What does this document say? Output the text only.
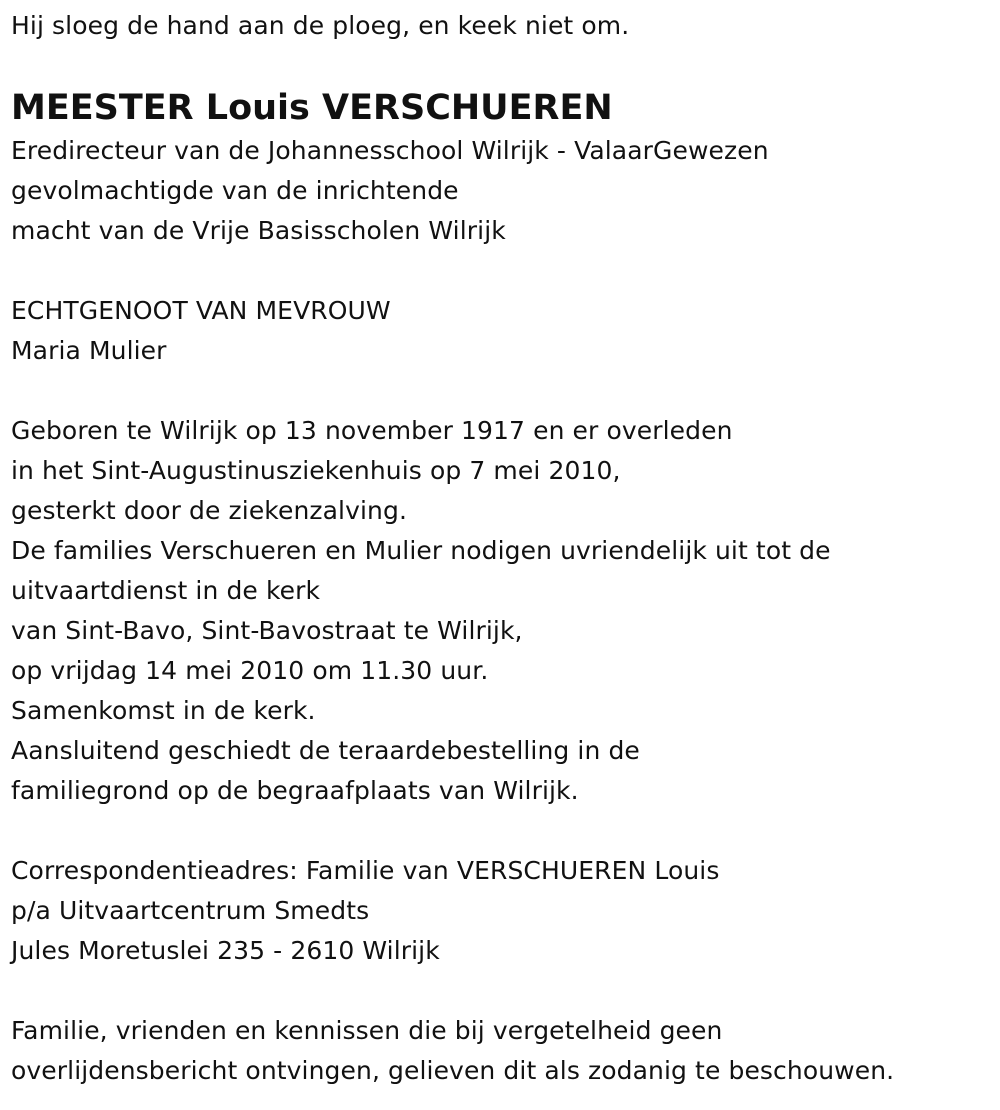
Hij sloeg de hand aan de ploeg, en keek niet om.
MEESTER Louis VERSCHUEREN
Eredirecteur van de Johannesschool Wilrijk - ValaarGewezen
gevolmachtigde van de inrichtende
macht van de Vrije Basisscholen Wilrijk
ECHTGENOOT VAN MEVROUW
Maria Mulier
Geboren te Wilrijk op 13 november 1917 en er overleden
in het Sint-Augustinusziekenhuis op 7 mei 2010,
gesterkt door de ziekenzalving.
De families Verschueren en Mulier nodigen uvriendelijk uit tot de
uitvaartdienst in de kerk
van Sint-Bavo, Sint-Bavostraat te Wilrijk,
op vrijdag 14 mei 2010 om 11.30 uur.
Samenkomst in de kerk.
Aansluitend geschiedt de teraardebestelling in de
familiegrond op de begraafplaats van Wilrijk.
Correspondentieadres: Familie van VERSCHUEREN Louis
p/a Uitvaartcentrum Smedts
Jules Moretuslei 235 - 2610 Wilrijk
Familie, vrienden en kennissen die bij vergetelheid geen
overlijdensbericht ontvingen, gelieven dit als zodanig te beschouwen.
